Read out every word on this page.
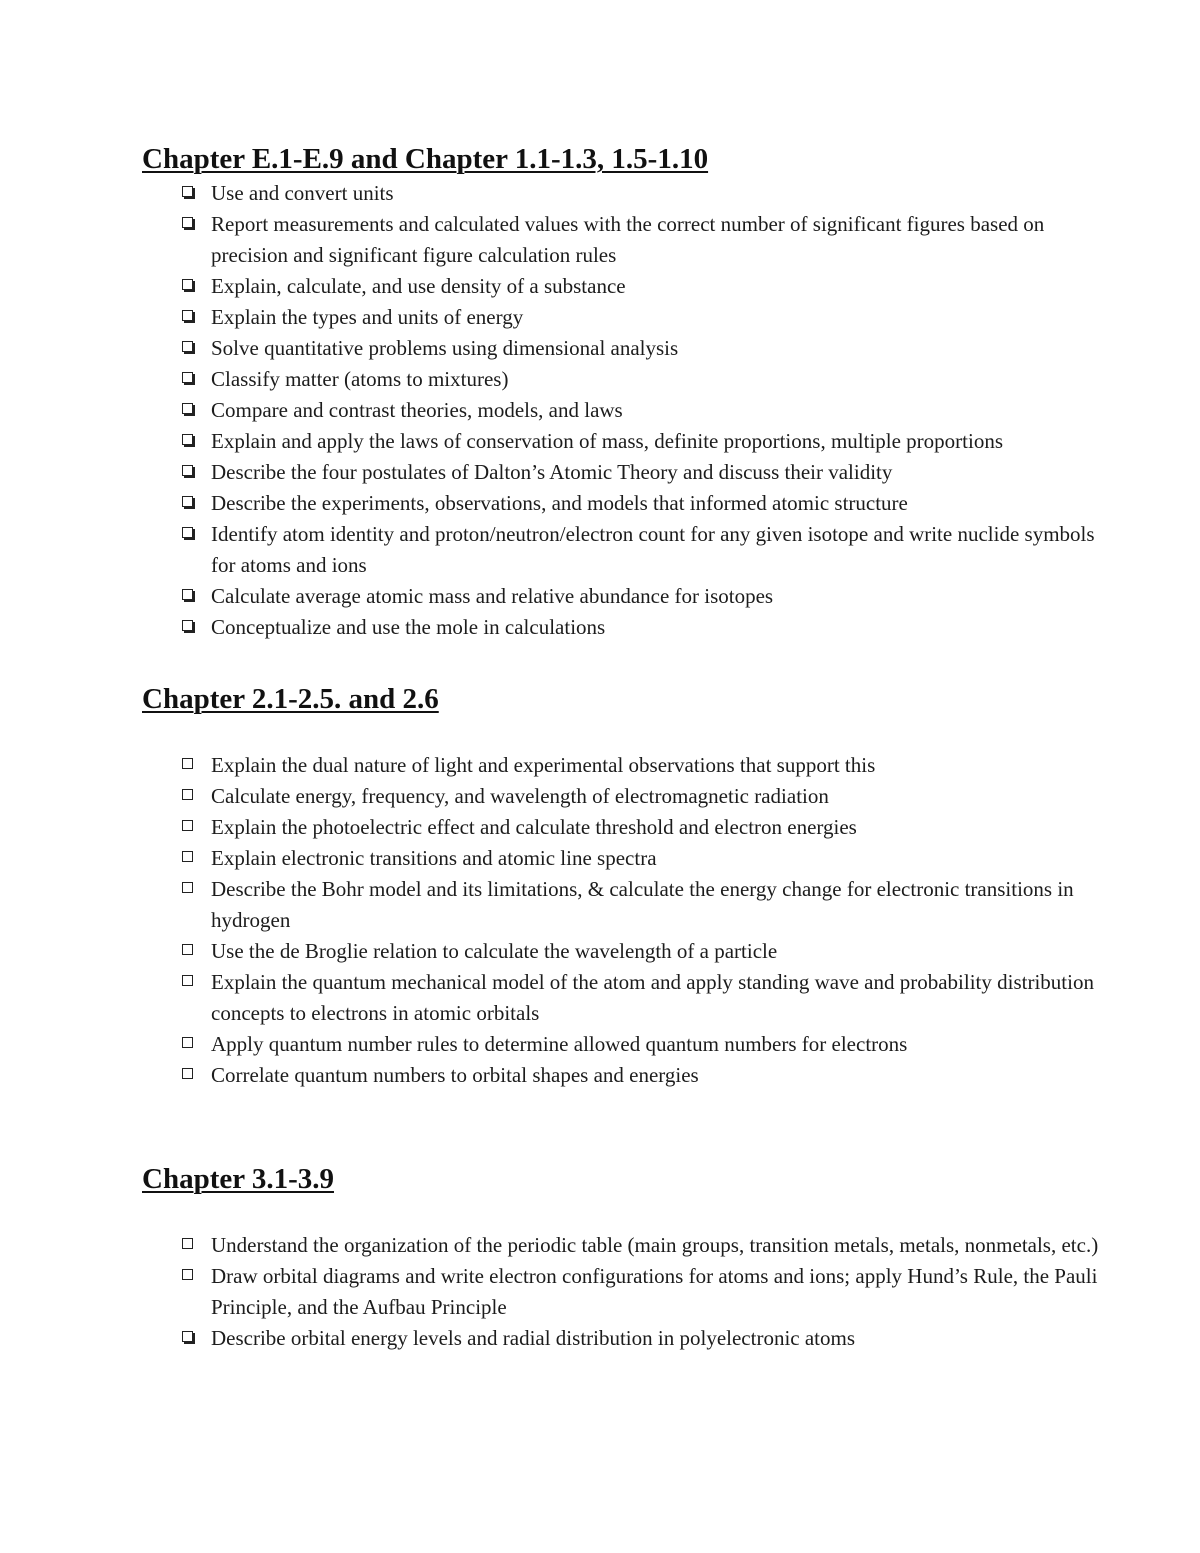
Chapter E.1-E.9 and Chapter 1.1-1.3, 1.5-1.10
Use and convert units
Report measurements and calculated values with the correct number of significant figures based on precision and significant figure calculation rules
Explain, calculate, and use density of a substance
Explain the types and units of energy
Solve quantitative problems using dimensional analysis
Classify matter (atoms to mixtures)
Compare and contrast theories, models, and laws
Explain and apply the laws of conservation of mass, definite proportions, multiple proportions
Describe the four postulates of Dalton’s Atomic Theory and discuss their validity
Describe the experiments, observations, and models that informed atomic structure
Identify atom identity and proton/neutron/electron count for any given isotope and write nuclide symbols for atoms and ions
Calculate average atomic mass and relative abundance for isotopes
Conceptualize and use the mole in calculations
Chapter 2.1-2.5. and 2.6
Explain the dual nature of light and experimental observations that support this
Calculate energy, frequency, and wavelength of electromagnetic radiation
Explain the photoelectric effect and calculate threshold and electron energies
Explain electronic transitions and atomic line spectra
Describe the Bohr model and its limitations, & calculate the energy change for electronic transitions in hydrogen
Use the de Broglie relation to calculate the wavelength of a particle
Explain the quantum mechanical model of the atom and apply standing wave and probability distribution concepts to electrons in atomic orbitals
Apply quantum number rules to determine allowed quantum numbers for electrons
Correlate quantum numbers to orbital shapes and energies
Chapter 3.1-3.9
Understand the organization of the periodic table (main groups, transition metals, metals, nonmetals, etc.)
Draw orbital diagrams and write electron configurations for atoms and ions; apply Hund’s Rule, the Pauli Principle, and the Aufbau Principle
Describe orbital energy levels and radial distribution in polyelectronic atoms
